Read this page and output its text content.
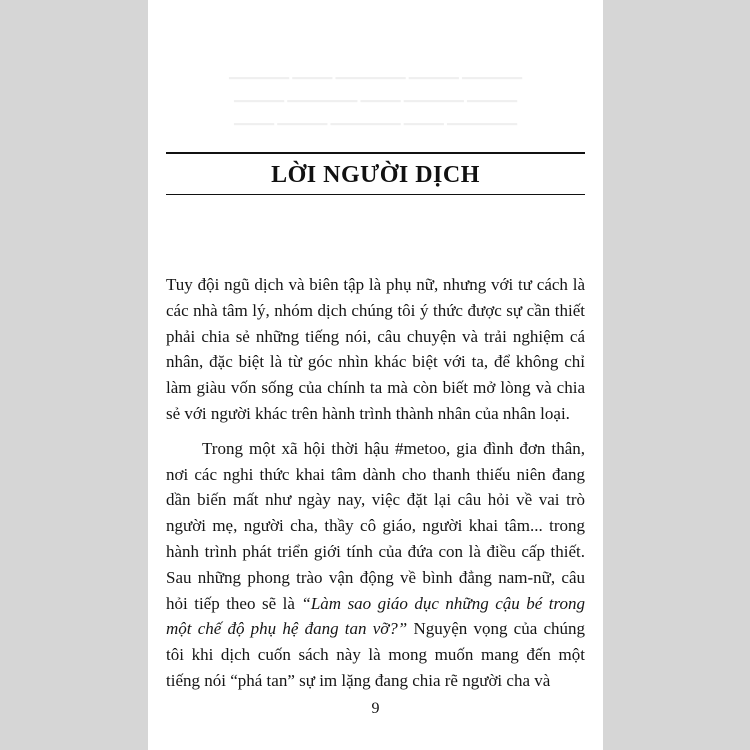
▁▁▁▁▁▁ ▁▁▁▁ ▁▁▁▁▁▁▁ ▁▁▁▁▁ ▁▁▁▁▁▁
▁▁▁▁▁ ▁▁▁▁▁▁▁ ▁▁▁▁ ▁▁▁▁▁▁ ▁▁▁▁▁
▁▁▁▁ ▁▁▁▁▁ ▁▁▁▁▁▁▁ ▁▁▁▁ ▁▁▁▁▁▁▁
LỜI NGƯỜI DỊCH

Tuy đội ngũ dịch và biên tập là phụ nữ, nhưng với tư cách là các nhà tâm lý, nhóm dịch chúng tôi ý thức được sự cần thiết phải chia sẻ những tiếng nói, câu chuyện và trải nghiệm cá nhân, đặc biệt là từ góc nhìn khác biệt với ta, để không chỉ làm giàu vốn sống của chính ta mà còn biết mở lòng và chia sẻ với người khác trên hành trình thành nhân của nhân loại.

Trong một xã hội thời hậu #metoo, gia đình đơn thân, nơi các nghi thức khai tâm dành cho thanh thiếu niên đang dần biến mất như ngày nay, việc đặt lại câu hỏi về vai trò người mẹ, người cha, thầy cô giáo, người khai tâm... trong hành trình phát triển giới tính của đứa con là điều cấp thiết. Sau những phong trào vận động về bình đẳng nam-nữ, câu hỏi tiếp theo sẽ là “Làm sao giáo dục những cậu bé trong một chế độ phụ hệ đang tan vỡ?” Nguyện vọng của chúng tôi khi dịch cuốn sách này là mong muốn mang đến một tiếng nói “phá tan” sự im lặng đang chia rẽ người cha và

9
